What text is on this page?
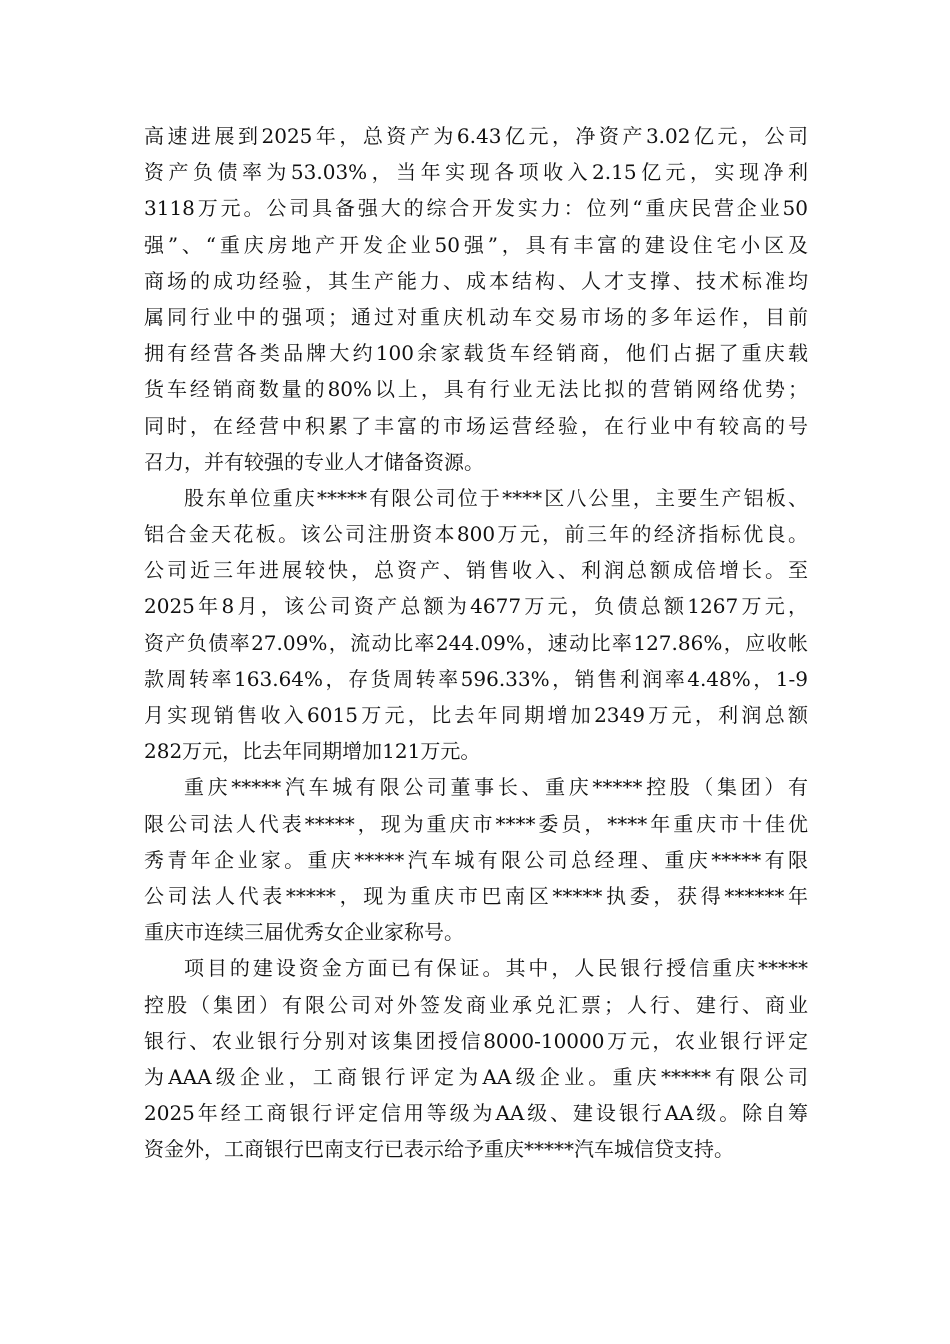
高速进展到2025年，总资产为6.43亿元，净资产3.02亿元，公司
资产负债率为53.03%，当年实现各项收入2.15亿元，实现净利
3118万元。公司具备强大的综合开发实力：位列“重庆民营企业50
强”、“重庆房地产开发企业50强”，具有丰富的建设住宅小区及
商场的成功经验，其生产能力、成本结构、人才支撑、技术标准均
属同行业中的强项；通过对重庆机动车交易市场的多年运作，目前
拥有经营各类品牌大约100余家载货车经销商，他们占据了重庆载
货车经销商数量的80%以上，具有行业无法比拟的营销网络优势；
同时，在经营中积累了丰富的市场运营经验，在行业中有较高的号
召力，并有较强的专业人才储备资源。
股东单位重庆*****有限公司位于****区八公里，主要生产铝板、
铝合金天花板。该公司注册资本800万元，前三年的经济指标优良。
公司近三年进展较快，总资产、销售收入、利润总额成倍增长。至
2025年8月，该公司资产总额为4677万元，负债总额1267万元，
资产负债率27.09%，流动比率244.09%，速动比率127.86%，应收帐
款周转率163.64%，存货周转率596.33%，销售利润率4.48%，1-9
月实现销售收入6015万元，比去年同期增加2349万元，利润总额
282万元，比去年同期增加121万元。
重庆*****汽车城有限公司董事长、重庆*****控股（集团）有
限公司法人代表*****，现为重庆市****委员，****年重庆市十佳优
秀青年企业家。重庆*****汽车城有限公司总经理、重庆*****有限
公司法人代表*****，现为重庆市巴南区*****执委，获得******年
重庆市连续三届优秀女企业家称号。
项目的建设资金方面已有保证。其中，人民银行授信重庆*****
控股（集团）有限公司对外签发商业承兑汇票；人行、建行、商业
银行、农业银行分别对该集团授信8000-10000万元，农业银行评定
为AAA级企业，工商银行评定为AA级企业。重庆*****有限公司
2025年经工商银行评定信用等级为AA级、建设银行AA级。除自筹
资金外，工商银行巴南支行已表示给予重庆*****汽车城信贷支持。
